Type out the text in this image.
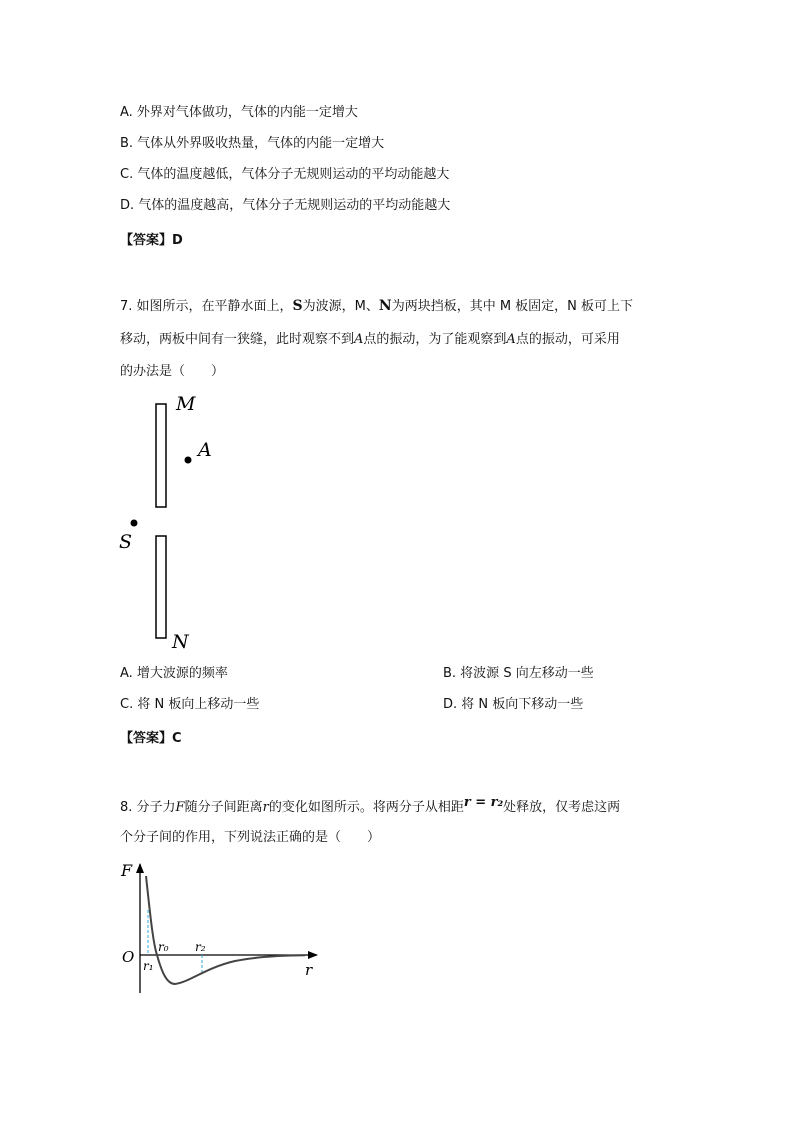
A. 外界对气体做功，气体的内能一定增大
B. 气体从外界吸收热量，气体的内能一定增大
C. 气体的温度越低，气体分子无规则运动的平均动能越大
D. 气体的温度越高，气体分子无规则运动的平均动能越大
【答案】D
7. 如图所示，在平静水面上，S为波源，M、N为两块挡板，其中 M 板固定，N 板可上下
移动，两板中间有一狭缝，此时观察不到A点的振动，为了能观察到A点的振动，可采用
的办法是（　　）
M
A
S
N
A. 增大波源的频率	B. 将波源 S 向左移动一些
C. 将 N 板向上移动一些	D. 将 N 板向下移动一些
【答案】C
8. 分子力F随分子间距离r的变化如图所示。将两分子从相距r = r₂处释放，仅考虑这两
个分子间的作用，下列说法正确的是（　　）
F
O
r
r₀
r₁
r₂
